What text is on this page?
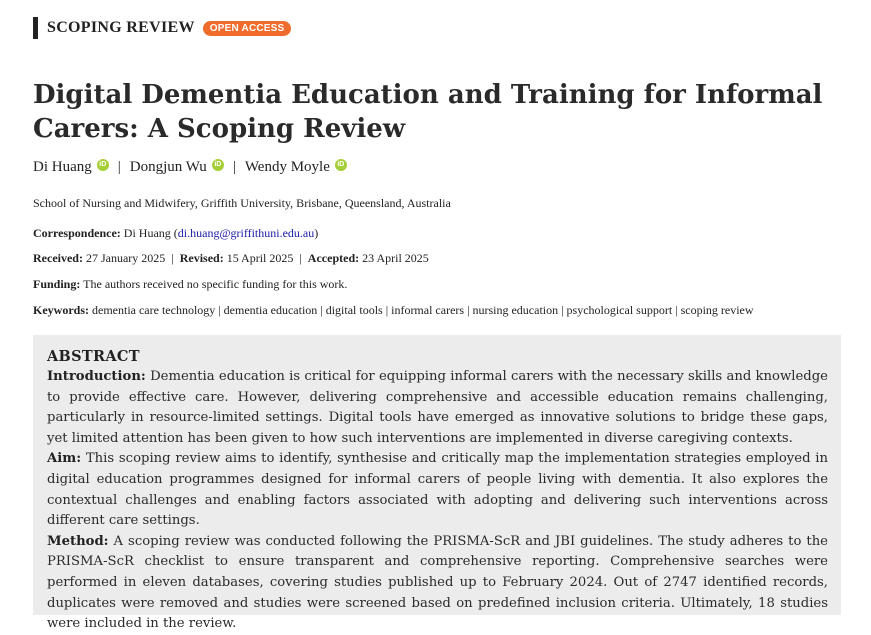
SCOPING REVIEW	OPEN ACCESS
Digital Dementia Education and Training for Informal Carers: A Scoping Review
Di Huang	iD | Dongjun Wu	iD | Wendy Moyle	iD
School of Nursing and Midwifery, Griffith University, Brisbane, Queensland, Australia
Correspondence: Di Huang (di.huang@griffithuni.edu.au)
Received: 27 January 2025  |  Revised: 15 April 2025  |  Accepted: 23 April 2025
Funding: The authors received no specific funding for this work.
Keywords: dementia care technology | dementia education | digital tools | informal carers | nursing education | psychological support | scoping review
ABSTRACT

Introduction: Dementia education is critical for equipping informal carers with the necessary skills and knowledge to provide effective care. However, delivering comprehensive and accessible education remains challenging, particularly in resource-limited settings. Digital tools have emerged as innovative solutions to bridge these gaps, yet limited attention has been given to how such interventions are implemented in diverse caregiving contexts.

Aim: This scoping review aims to identify, synthesise and critically map the implementation strategies employed in digital education programmes designed for informal carers of people living with dementia. It also explores the contextual challenges and enabling factors associated with adopting and delivering such interventions across different care settings.

Method: A scoping review was conducted following the PRISMA-ScR and JBI guidelines. The study adheres to the PRISMA-ScR checklist to ensure transparent and comprehensive reporting. Comprehensive searches were performed in eleven databases, covering studies published up to February 2024. Out of 2747 identified records, duplicates were removed and studies were screened based on predefined inclusion criteria. Ultimately, 18 studies were included in the review.
